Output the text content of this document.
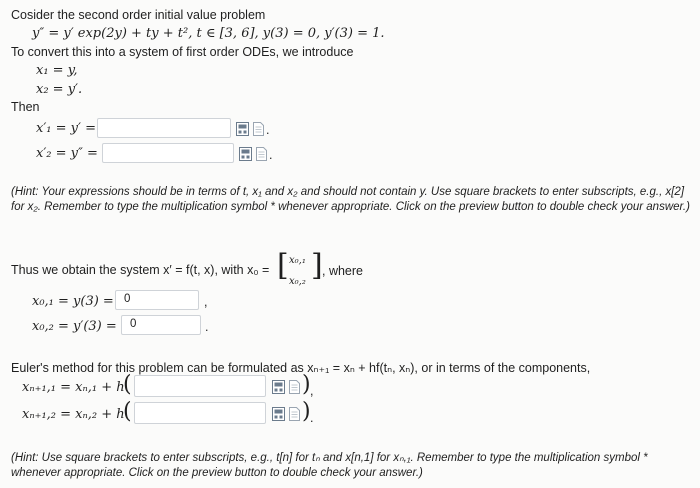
Cosider the second order initial value problem
y″ = y′ exp(2y) + ty + t², t ∈ [3, 6], y(3) = 0, y′(3) = 1.
To convert this into a system of first order ODEs, we introduce
x₁ = y,
x₂ = y′.
Then
x′₁ = y′ =	.
x′₂ = y″ =	.
(Hint: Your expressions should be in terms of t, x₁ and x₂ and should not contain y. Use square brackets to enter subscripts, e.g., x[2] for x₂. Remember to type the multiplication symbol * whenever appropriate. Click on the preview button to double check your answer.)
Thus we obtain the system x′ = f(t, x), with x₀ = [ x₀,₁
x₀,₂ ] , where
x₀,₁ = y(3) = 0	,
x₀,₂ = y′(3) =	0	.
Euler's method for this problem can be formulated as xₙ₊₁ = xₙ + hf(tₙ, xₙ), or in terms of the components,
xₙ₊₁,₁ = xₙ,₁ + h
(	) ,
xₙ₊₁,₂ = xₙ,₂ + h
(	) .
(Hint: Use square brackets to enter subscripts, e.g., t[n] for tₙ and x[n,1] for xₙ,₁. Remember to type the multiplication symbol * whenever appropriate. Click on the preview button to double check your answer.)
